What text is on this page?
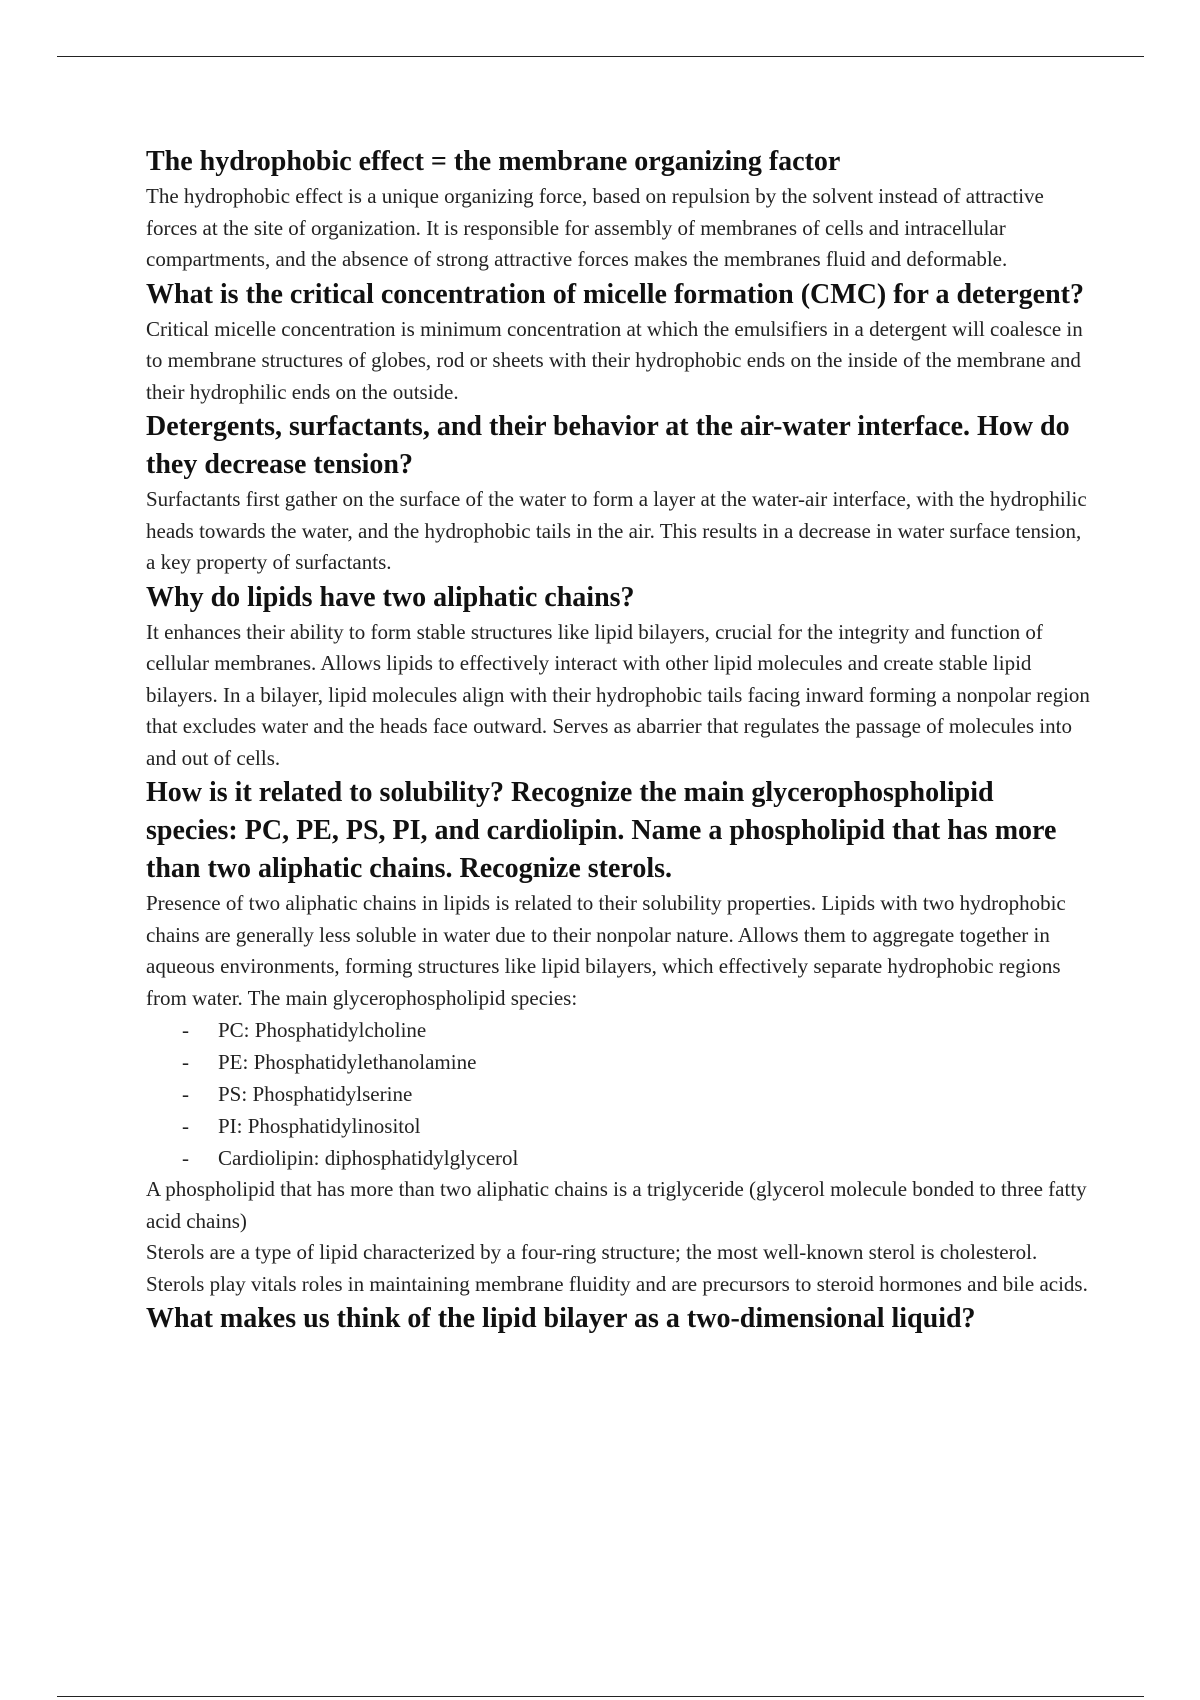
The hydrophobic effect = the membrane organizing factor

The hydrophobic effect is a unique organizing force, based on repulsion by the solvent instead of attractive forces at the site of organization. It is responsible for assembly of membranes of cells and intracellular compartments, and the absence of strong attractive forces makes the membranes fluid and deformable.

What is the critical concentration of micelle formation (CMC) for a detergent?

Critical micelle concentration is minimum concentration at which the emulsifiers in a detergent will coalesce in to membrane structures of globes, rod or sheets with their hydrophobic ends on the inside of the membrane and their hydrophilic ends on the outside.

Detergents, surfactants, and their behavior at the air-water interface. How do they decrease tension?

Surfactants first gather on the surface of the water to form a layer at the water-air interface, with the hydrophilic heads towards the water, and the hydrophobic tails in the air. This results in a decrease in water surface tension, a key property of surfactants.

Why do lipids have two aliphatic chains?

It enhances their ability to form stable structures like lipid bilayers, crucial for the integrity and function of cellular membranes. Allows lipids to effectively interact with other lipid molecules and create stable lipid bilayers. In a bilayer, lipid molecules align with their hydrophobic tails facing inward forming a nonpolar region that excludes water and the heads face outward. Serves as abarrier that regulates the passage of molecules into and out of cells.

How is it related to solubility? Recognize the main glycerophospholipid species: PC, PE, PS, PI, and cardiolipin. Name a phospholipid that has more than two aliphatic chains. Recognize sterols.

Presence of two aliphatic chains in lipids is related to their solubility properties. Lipids with two hydrophobic chains are generally less soluble in water due to their nonpolar nature. Allows them to aggregate together in aqueous environments, forming structures like lipid bilayers, which effectively separate hydrophobic regions from water. The main glycerophospholipid species:

- PC: Phosphatidylcholine
- PE: Phosphatidylethanolamine
- PS: Phosphatidylserine
- PI: Phosphatidylinositol
- Cardiolipin: diphosphatidylglycerol

A phospholipid that has more than two aliphatic chains is a triglyceride (glycerol molecule bonded to three fatty acid chains)

Sterols are a type of lipid characterized by a four-ring structure; the most well-known sterol is cholesterol. Sterols play vitals roles in maintaining membrane fluidity and are precursors to steroid hormones and bile acids.

What makes us think of the lipid bilayer as a two-dimensional liquid?
